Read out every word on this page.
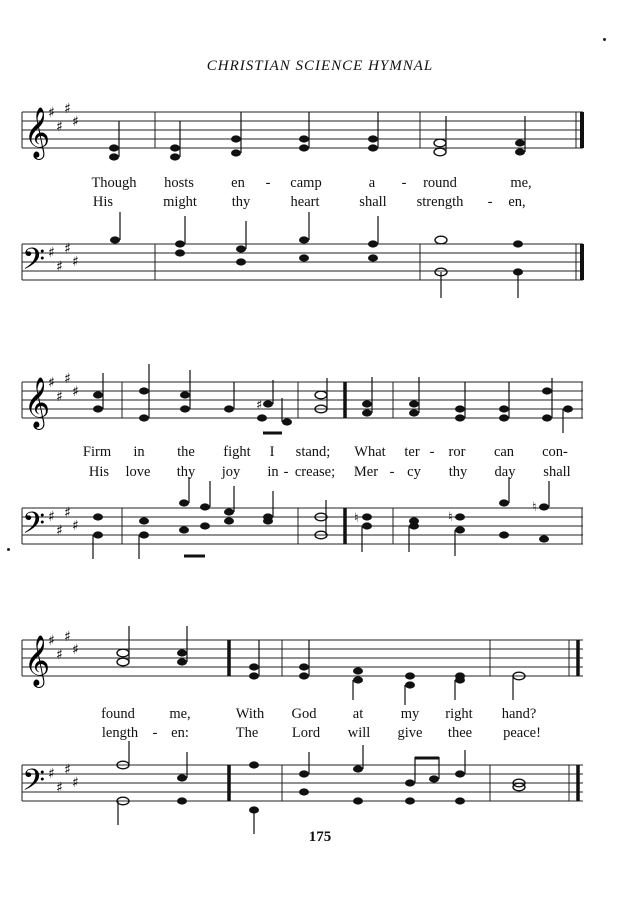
CHRISTIAN SCIENCE HYMNAL
𝄞
𝄢
♯
♯
♯
♯
♯
♯
♯
♯
Though hosts	en - camp	a - round	me,
His	might thy	heart	shall strength - en,
𝄞
𝄢
♯
♯
♯
♯
♯
♯
♯
♯
♯
♮	♮
♮
Firm in the fight I stand; What ter - ror can con-
His love thy joy in - crease; Mer - cy thy day shall
𝄞
𝄢
♯
♯
♯
♯
♯
♯
♯
♯
found me,	With God	at	my right hand?
length - en:	The Lord will give thee peace!
175
